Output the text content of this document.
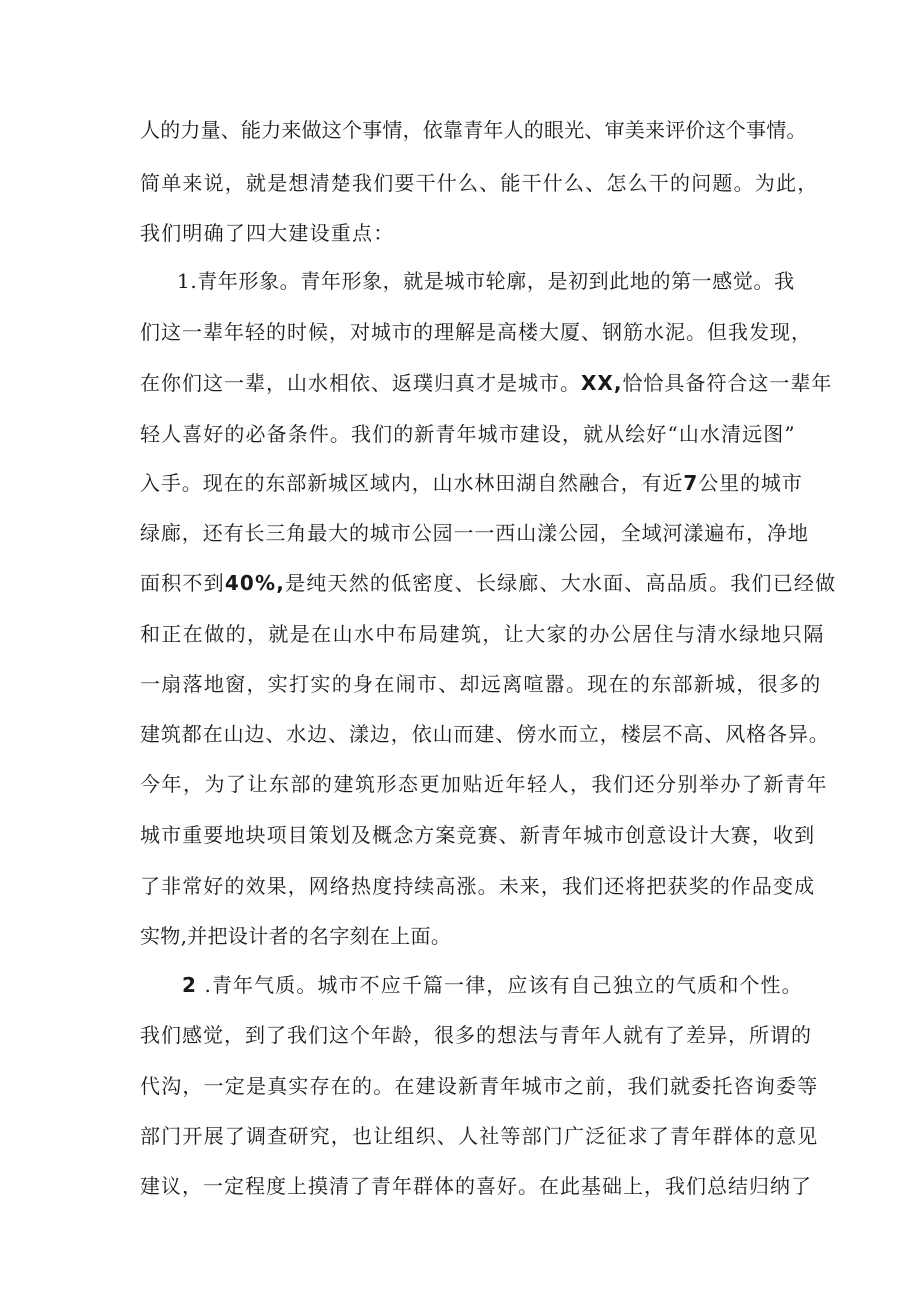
人的力量、能力来做这个事情，依靠青年人的眼光、审美来评价这个事情。
简单来说，就是想清楚我们要干什么、能干什么、怎么干的问题。为此，
我们明确了四大建设重点：
1.青年形象。青年形象，就是城市轮廓，是初到此地的第一感觉。我
们这一辈年轻的时候，对城市的理解是高楼大厦、钢筋水泥。但我发现，
在你们这一辈，山水相依、返璞归真才是城市。XX,恰恰具备符合这一辈年
轻人喜好的必备条件。我们的新青年城市建设，就从绘好“山水清远图”
入手。现在的东部新城区域内，山水林田湖自然融合，有近7公里的城市
绿廊，还有长三角最大的城市公园一一西山漾公园，全域河漾遍布，净地
面积不到40%,是纯天然的低密度、长绿廊、大水面、高品质。我们已经做
和正在做的，就是在山水中布局建筑，让大家的办公居住与清水绿地只隔
一扇落地窗，实打实的身在闹市、却远离喧嚣。现在的东部新城，很多的
建筑都在山边、水边、漾边，依山而建、傍水而立，楼层不高、风格各异。
今年，为了让东部的建筑形态更加贴近年轻人，我们还分别举办了新青年
城市重要地块项目策划及概念方案竞赛、新青年城市创意设计大赛，收到
了非常好的效果，网络热度持续高涨。未来，我们还将把获奖的作品变成
实物,并把设计者的名字刻在上面。
2 .青年气质。城市不应千篇一律，应该有自己独立的气质和个性。
我们感觉，到了我们这个年龄，很多的想法与青年人就有了差异，所谓的
代沟，一定是真实存在的。在建设新青年城市之前，我们就委托咨询委等
部门开展了调查研究，也让组织、人社等部门广泛征求了青年群体的意见
建议，一定程度上摸清了青年群体的喜好。在此基础上，我们总结归纳了
